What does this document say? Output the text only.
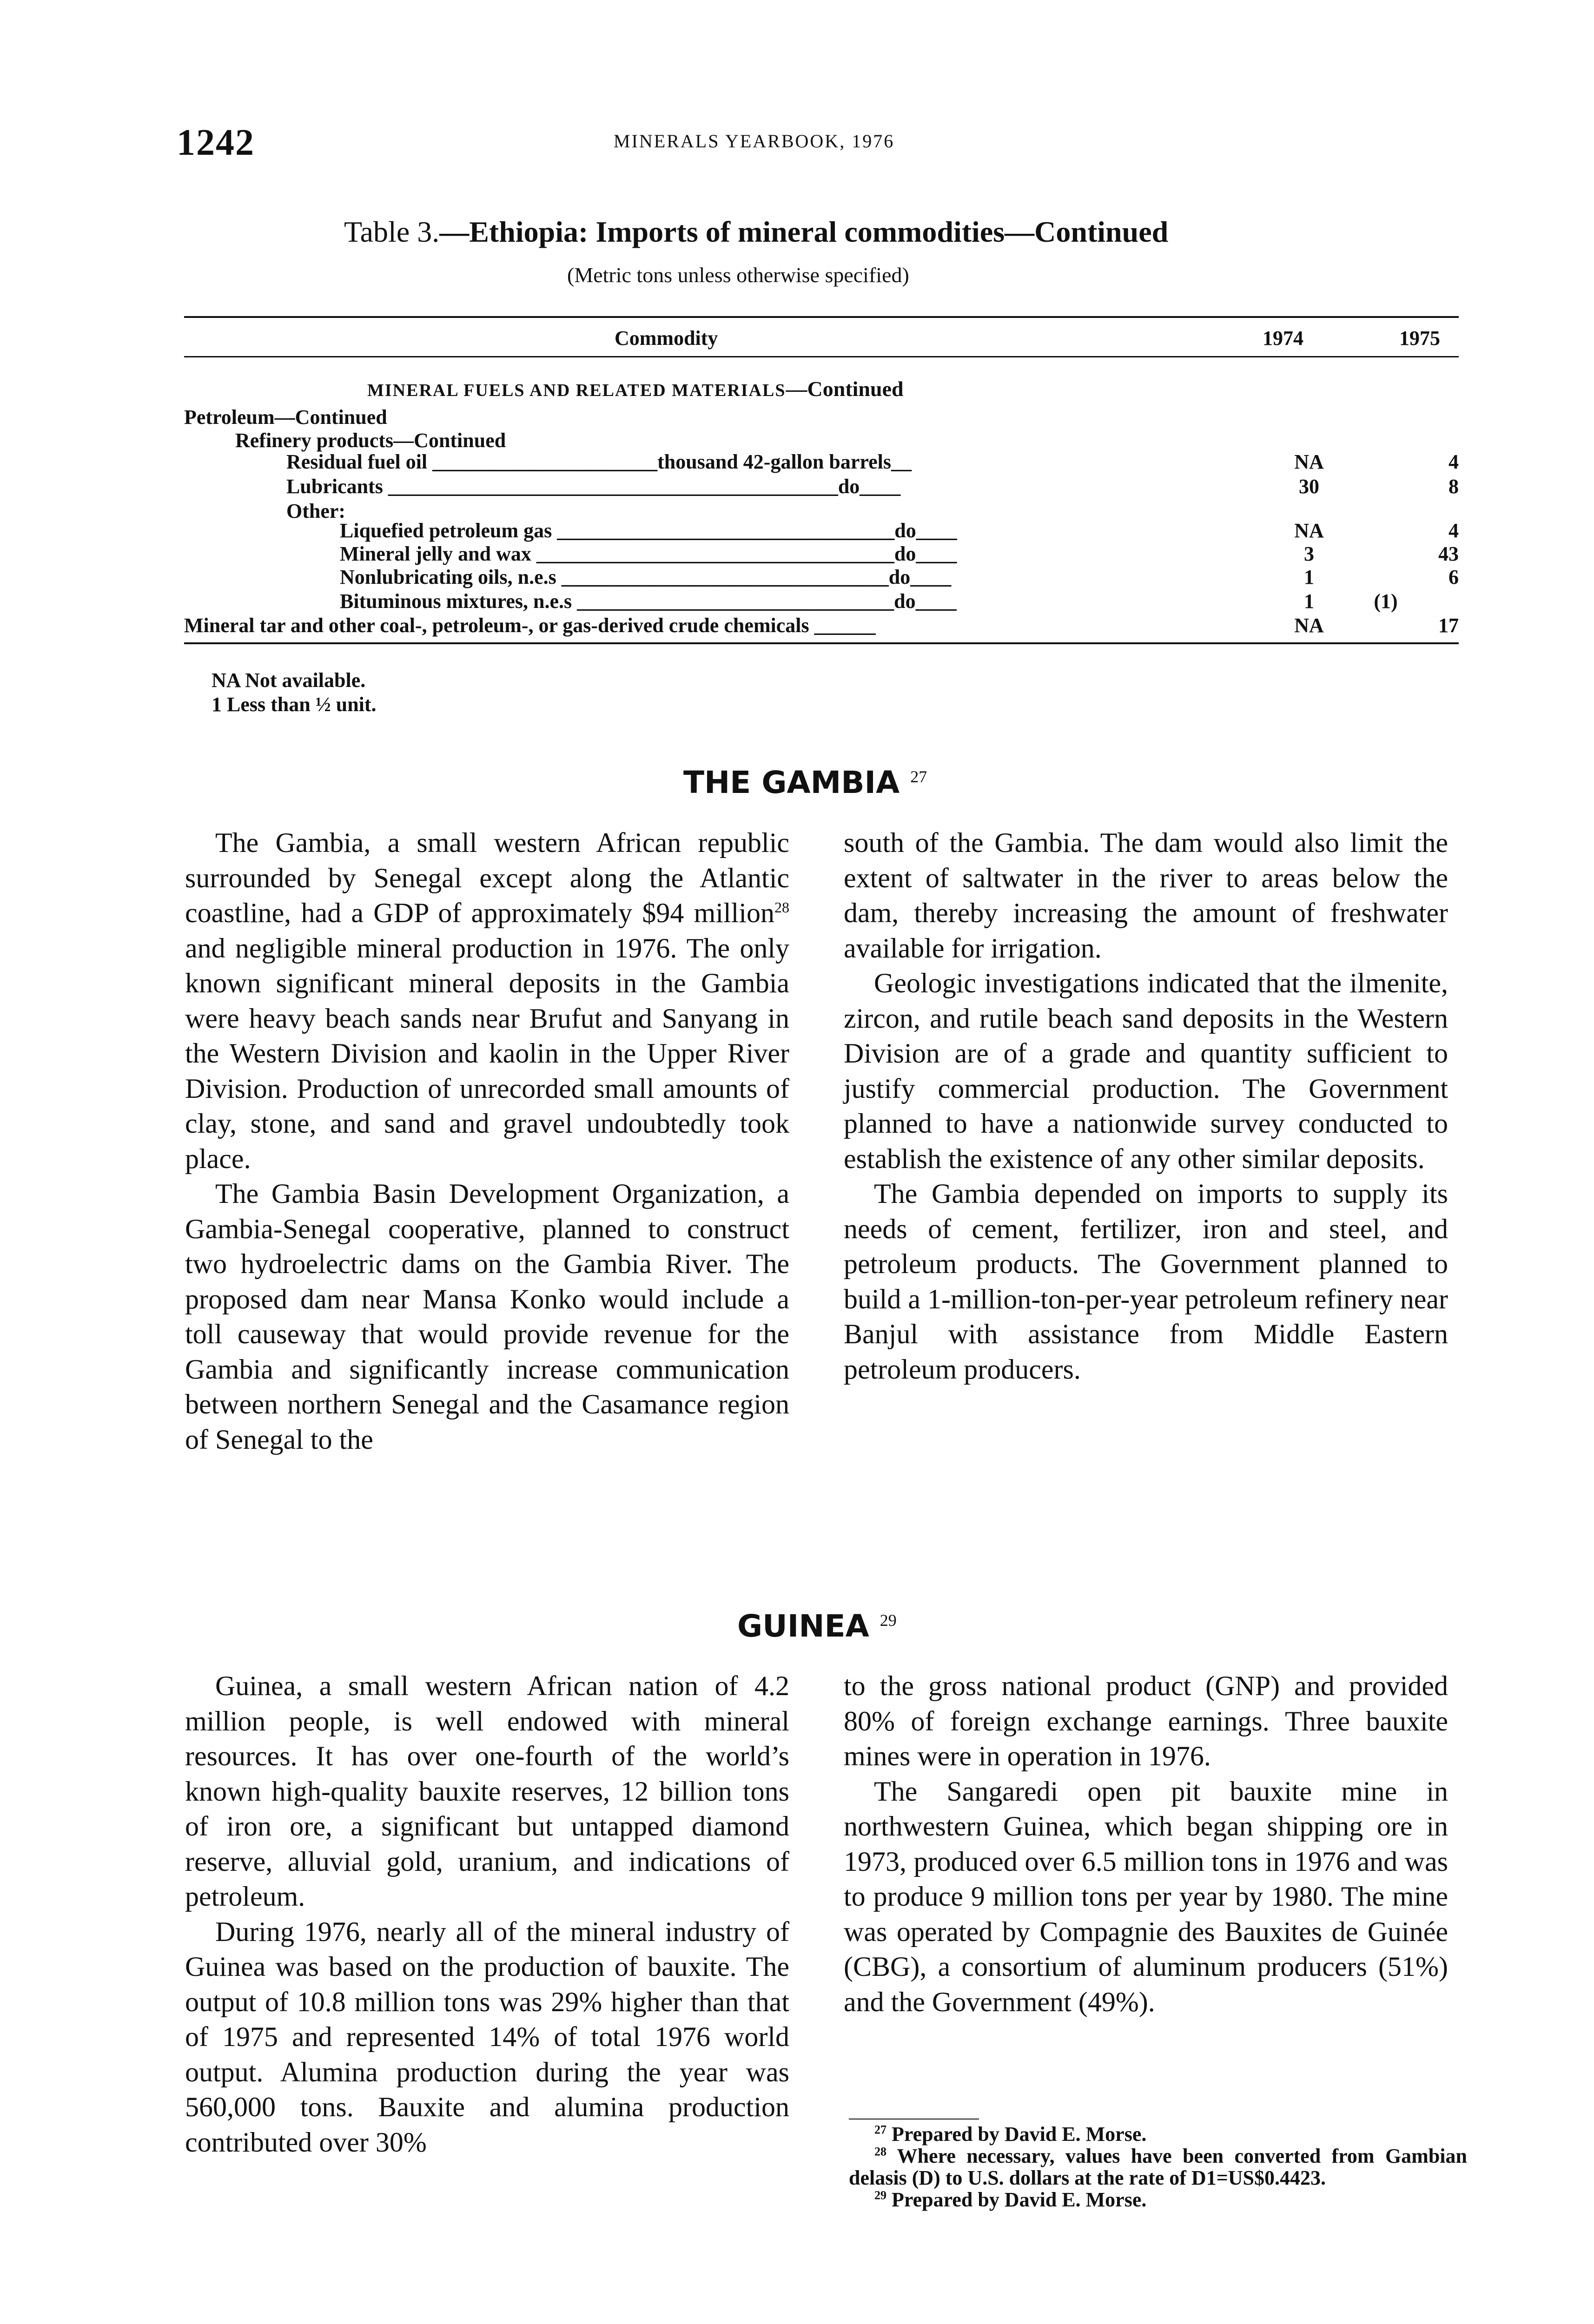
1242	MINERALS YEARBOOK, 1976
Table 3.—Ethiopia: Imports of mineral commodities—Continued
(Metric tons unless otherwise specified)
Commodity	1974	1975
MINERAL FUELS AND RELATED MATERIALS—Continued
Petroleum—Continued
Refinery products—Continued
Residual fuel oil ______________________thousand 42-gallon barrels__	NA	4
Lubricants ____________________________________________do____	30	8
Other:
Liquefied petroleum gas _________________________________do____	NA	4
Mineral jelly and wax ___________________________________do____	3	43
Nonlubricating oils, n.e.s ________________________________do____	1	6
Bituminous mixtures, n.e.s _______________________________do____	1	(1)
Mineral tar and other coal-, petroleum-, or gas-derived crude chemicals ______	NA	17
NA Not available.
1 Less than ½ unit.
THE GAMBIA $^{27}$

The Gambia, a small western African republic surrounded by Senegal except along the Atlantic coastline, had a GDP of approximately $94 million$^{28}$ and negligible mineral production in 1976. The only known significant mineral deposits in the Gambia were heavy beach sands near Brufut and Sanyang in the Western Division and kaolin in the Upper River Division. Production of unrecorded small amounts of clay, stone, and sand and gravel undoubtedly took place.

The Gambia Basin Development Organization, a Gambia-Senegal cooperative, planned to construct two hydroelectric dams on the Gambia River. The proposed dam near Mansa Konko would include a toll causeway that would provide revenue for the Gambia and significantly increase communication between northern Senegal and the Casamance region of Senegal to the

south of the Gambia. The dam would also limit the extent of saltwater in the river to areas below the dam, thereby increasing the amount of freshwater available for irrigation.

Geologic investigations indicated that the ilmenite, zircon, and rutile beach sand deposits in the Western Division are of a grade and quantity sufficient to justify commercial production. The Government planned to have a nationwide survey conducted to establish the existence of any other similar deposits.

The Gambia depended on imports to supply its needs of cement, fertilizer, iron and steel, and petroleum products. The Government planned to build a 1-million-ton-per-year petroleum refinery near Banjul with assistance from Middle Eastern petroleum producers.

GUINEA $^{29}$

Guinea, a small western African nation of 4.2 million people, is well endowed with mineral resources. It has over one-fourth of the world’s known high-quality bauxite reserves, 12 billion tons of iron ore, a significant but untapped diamond reserve, alluvial gold, uranium, and indications of petroleum.

During 1976, nearly all of the mineral industry of Guinea was based on the production of bauxite. The output of 10.8 million tons was 29% higher than that of 1975 and represented 14% of total 1976 world output. Alumina production during the year was 560,000 tons. Bauxite and alumina production contributed over 30%

to the gross national product (GNP) and provided 80% of foreign exchange earnings. Three bauxite mines were in operation in 1976.

The Sangaredi open pit bauxite mine in northwestern Guinea, which began shipping ore in 1973, produced over 6.5 million tons in 1976 and was to produce 9 million tons per year by 1980. The mine was operated by Compagnie des Bauxites de Guinée (CBG), a consortium of aluminum producers (51%) and the Government (49%).

$^{27}$ Prepared by David E. Morse.

$^{28}$ Where necessary, values have been converted from Gambian delasis (D) to U.S. dollars at the rate of D1=US$0.4423.

$^{29}$ Prepared by David E. Morse.
